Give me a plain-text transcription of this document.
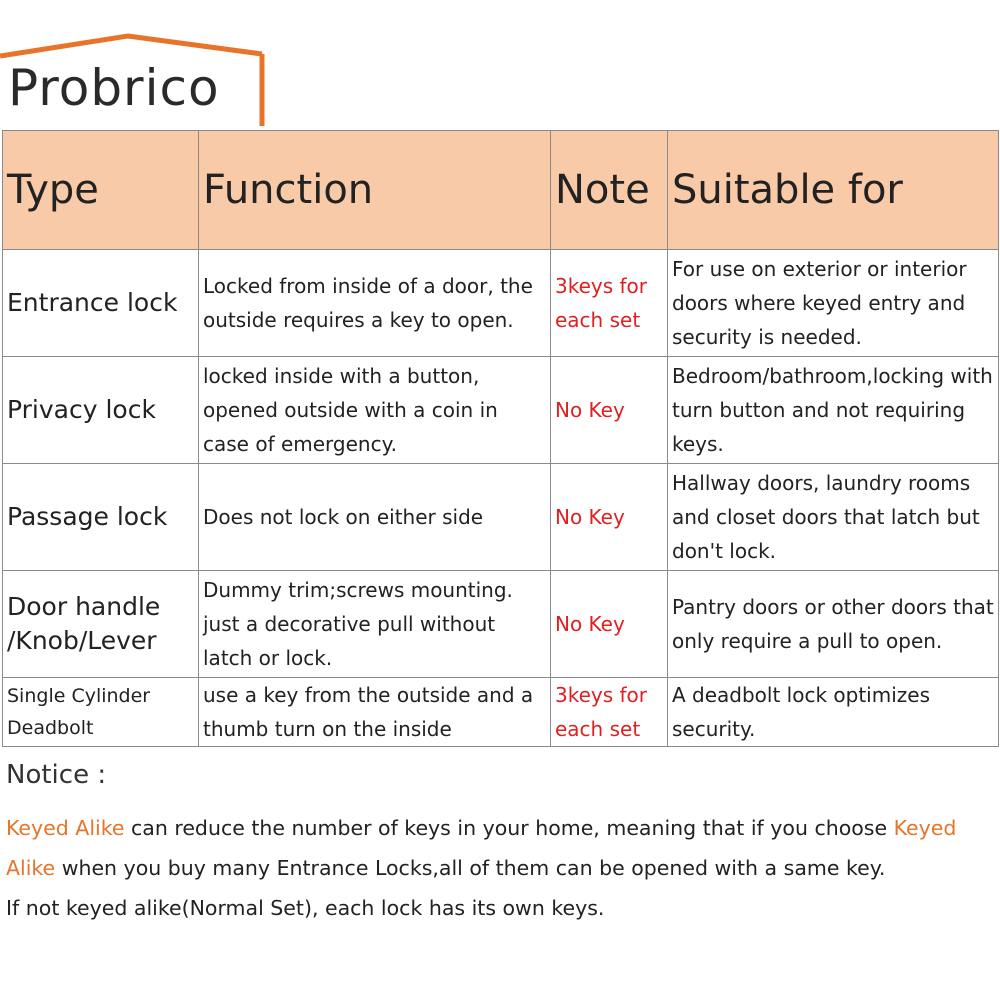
Probrico
Type	Function	Note	Suitable for
Entrance lock	Locked from inside of a door, the outside requires a key to open.	3keys for each set	For use on exterior or interior doors where keyed entry and security is needed.
Privacy lock	locked inside with a button, opened outside with a coin in case of emergency.	No Key	Bedroom/bathroom,locking with turn button and not requiring keys.
Passage lock	Does not lock on either side	No Key	Hallway doors, laundry rooms and closet doors that latch but don't lock.
Door handle /Knob/Lever	Dummy trim;screws mounting. just a decorative pull without latch or lock.	No Key	Pantry doors or other doors that only require a pull to open.
Single Cylinder Deadbolt	use a key from the outside and a thumb turn on the inside	3keys for each set	A deadbolt lock optimizes security.
Notice :
Keyed Alike can reduce the number of keys in your home, meaning that if you choose Keyed Alike when you buy many Entrance Locks,all of them can be opened with a same key.
If not keyed alike(Normal Set), each lock has its own keys.
